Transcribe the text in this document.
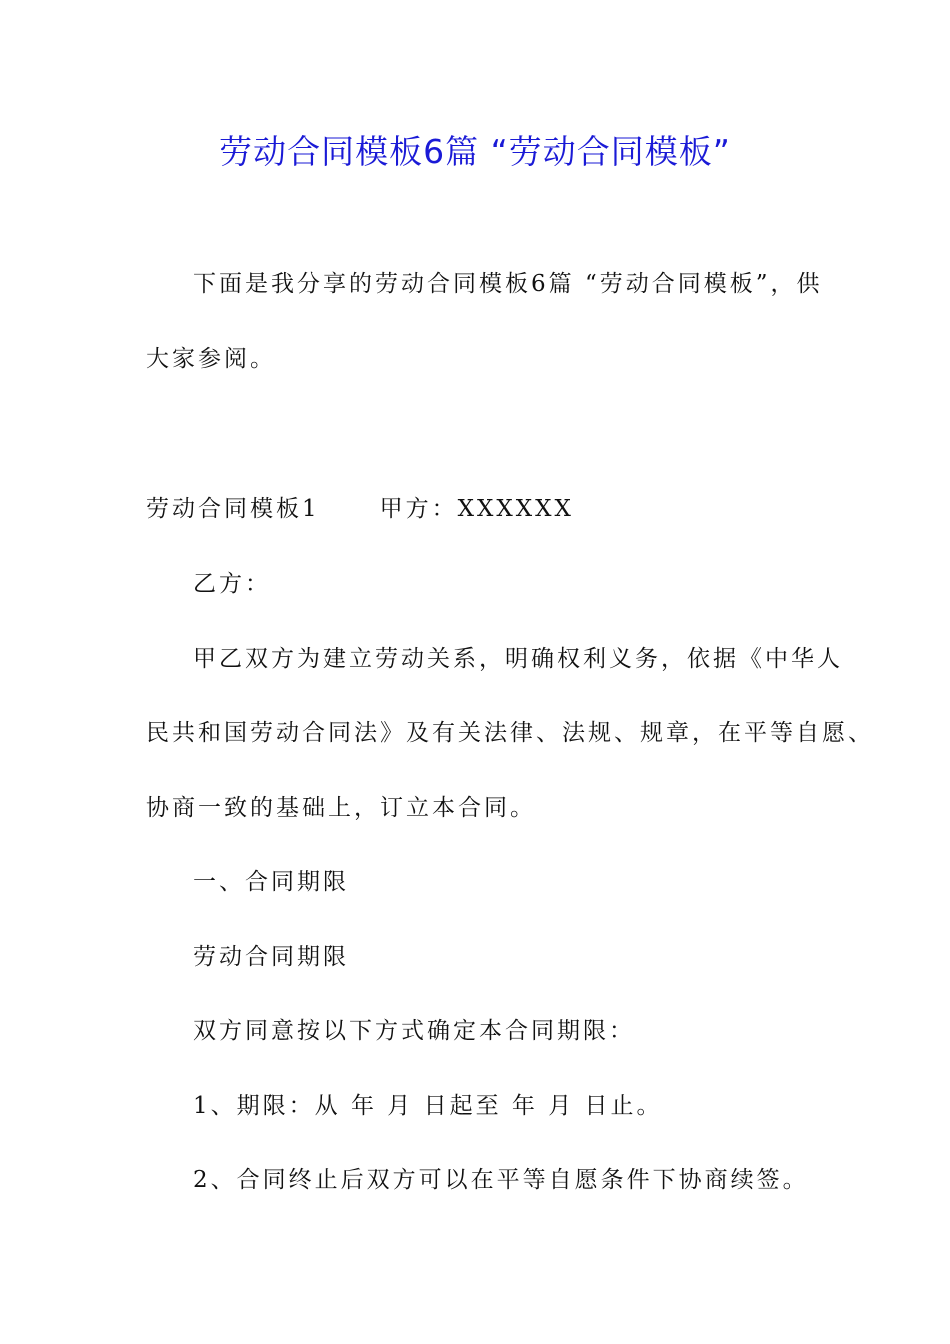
劳动合同模板6篇 “劳动合同模板”
下面是我分享的劳动合同模板6篇 “劳动合同模板”，供
大家参阅。
劳动合同模板1	甲方：XXXXXX
乙方：
甲乙双方为建立劳动关系，明确权利义务，依据《中华人
民共和国劳动合同法》及有关法律、法规、规章，在平等自愿、
协商一致的基础上，订立本合同。
一、合同期限
劳动合同期限
双方同意按以下方式确定本合同期限：
1、期限：从 年 月 日起至 年 月 日止。
2、合同终止后双方可以在平等自愿条件下协商续签。
